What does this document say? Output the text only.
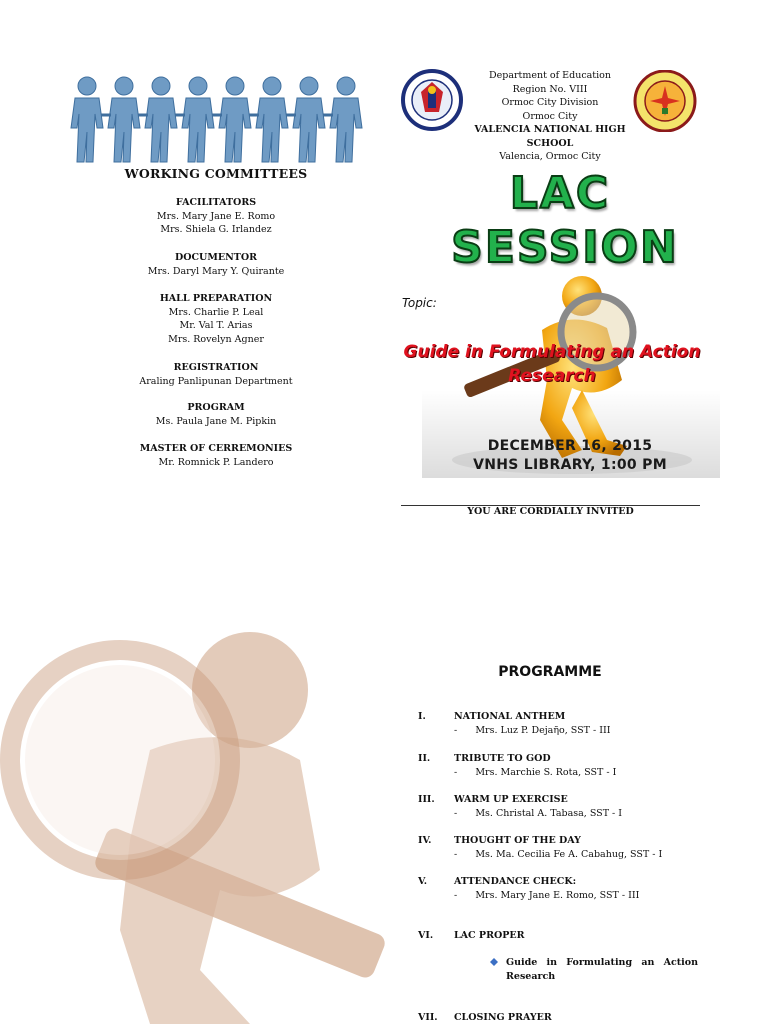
WORKING COMMITTEES
FACILITATORS
Mrs. Mary Jane E. Romo
Mrs. Shiela G. Irlandez
DOCUMENTOR
Mrs. Daryl Mary Y. Quirante
HALL PREPARATION
Mrs. Charlie P. Leal
Mr. Val T. Arias
Mrs. Rovelyn Agner
REGISTRATION
Araling Panlipunan Department
PROGRAM
Ms. Paula Jane M. Pipkin
MASTER OF CERREMONIES
Mr. Romnick P. Landero
Department of Education
Region No. VIII
Ormoc City Division
Ormoc City
VALENCIA NATIONAL HIGH SCHOOL
Valencia, Ormoc City
LAC
SESSION
Topic:
Guide in Formulating an Action
Research
DECEMBER 16, 2015
VNHS LIBRARY, 1:00 PM
YOU ARE CORDIALLY INVITED
PROGRAMME
I.	NATIONAL ANTHEM
-      Mrs. Luz P. Dejaῆo, SST - III
II.	TRIBUTE TO GOD
-      Mrs. Marchie S. Rota, SST - I
III. WARM UP EXERCISE
-      Ms. Christal A. Tabasa, SST - I
IV. THOUGHT OF THE DAY
-      Ms. Ma. Cecilia Fe A. Cabahug, SST - I
V.	ATTENDANCE CHECK:
-      Mrs. Mary Jane E. Romo, SST - III
VI. LAC PROPER
Guide in Formulating an Action
Research
VII. CLOSING PRAYER
